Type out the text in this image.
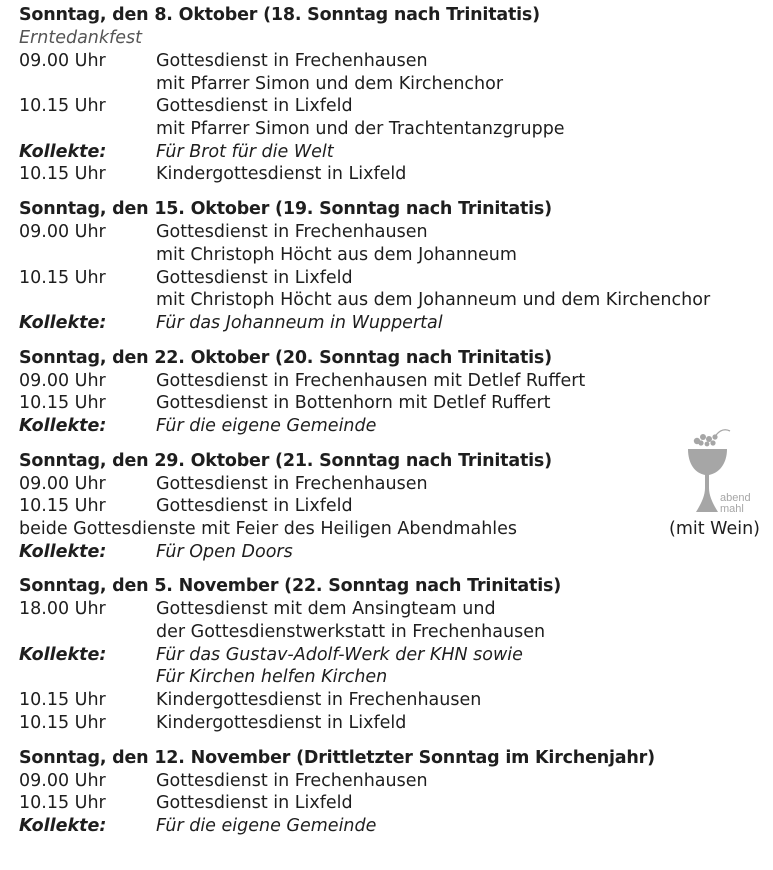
Sonntag, den 8. Oktober (18. Sonntag nach Trinitatis)
Erntedankfest
09.00 Uhr	Gottesdienst in Frechenhausen
mit Pfarrer Simon und dem Kirchenchor
10.15 Uhr	Gottesdienst in Lixfeld
mit Pfarrer Simon und der Trachtentanzgruppe
Kollekte:	Für Brot für die Welt
10.15 Uhr	Kindergottesdienst in Lixfeld
Sonntag, den 15. Oktober (19. Sonntag nach Trinitatis)
09.00 Uhr	Gottesdienst in Frechenhausen
mit Christoph Höcht aus dem Johanneum
10.15 Uhr	Gottesdienst in Lixfeld
mit Christoph Höcht aus dem Johanneum und dem Kirchenchor
Kollekte:	Für das Johanneum in Wuppertal
Sonntag, den 22. Oktober (20. Sonntag nach Trinitatis)
09.00 Uhr	Gottesdienst in Frechenhausen mit Detlef Ruffert
10.15 Uhr	Gottesdienst in Bottenhorn mit Detlef Ruffert
Kollekte:	Für die eigene Gemeinde
Sonntag, den 29. Oktober (21. Sonntag nach Trinitatis)
09.00 Uhr	Gottesdienst in Frechenhausen
10.15 Uhr	Gottesdienst in Lixfeld
beide Gottesdienste mit Feier des Heiligen Abendmahles	(mit Wein)
Kollekte:	Für Open Doors
Sonntag, den 5. November (22. Sonntag nach Trinitatis)
18.00 Uhr	Gottesdienst mit dem Ansingteam und
der Gottesdienstwerkstatt in Frechenhausen
Kollekte:	Für das Gustav-Adolf-Werk der KHN sowie
Für Kirchen helfen Kirchen
10.15 Uhr	Kindergottesdienst in Frechenhausen
10.15 Uhr	Kindergottesdienst in Lixfeld
Sonntag, den 12. November (Drittletzter Sonntag im Kirchenjahr)
09.00 Uhr	Gottesdienst in Frechenhausen
10.15 Uhr	Gottesdienst in Lixfeld
Kollekte:	Für die eigene Gemeinde
abend
mahl
